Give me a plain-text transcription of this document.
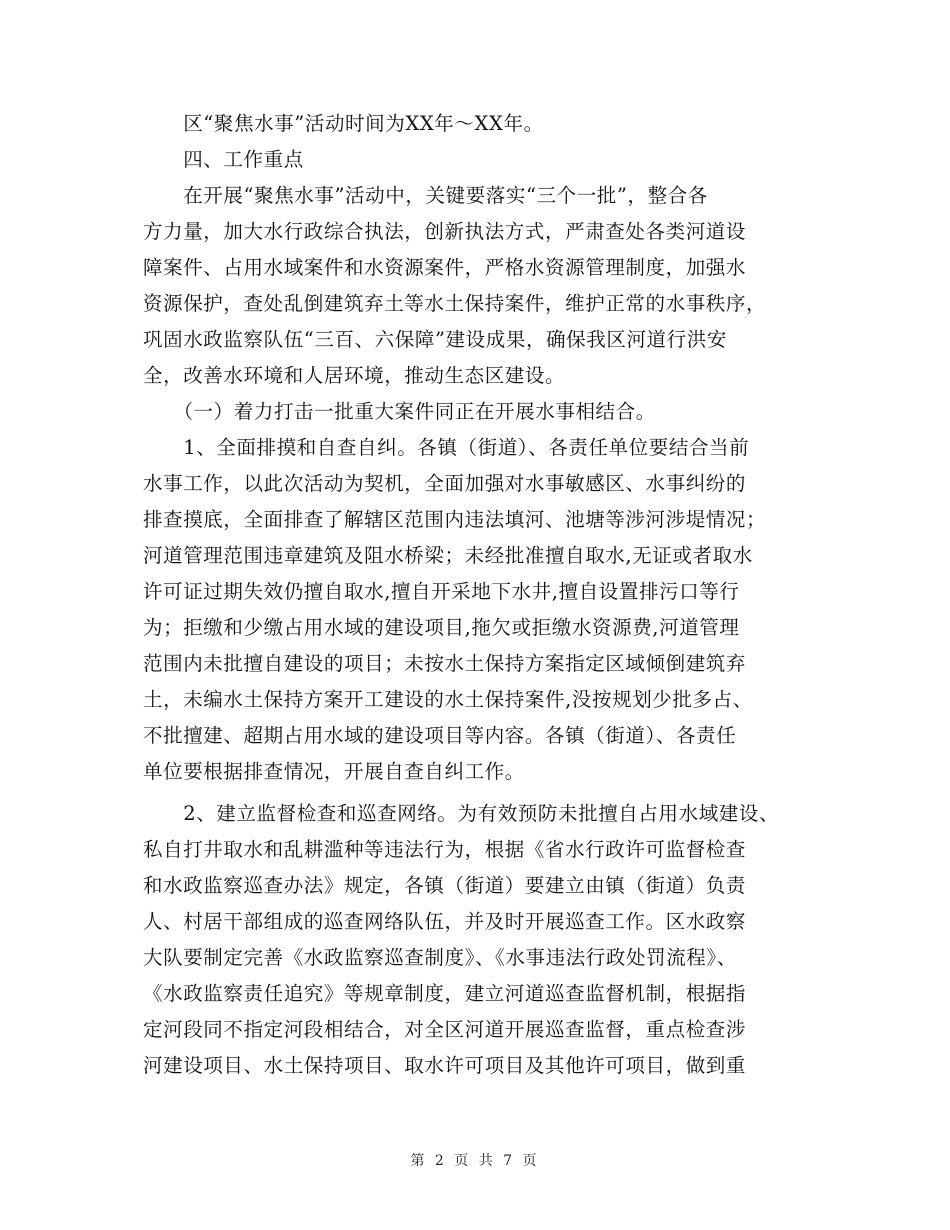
　　区“聚焦水事”活动时间为XX年～XX年。
　　四、工作重点
　　在开展“聚焦水事”活动中，关键要落实“三个一批”，整合各
方力量，加大水行政综合执法，创新执法方式，严肃查处各类河道设
障案件、占用水域案件和水资源案件，严格水资源管理制度，加强水
资源保护，查处乱倒建筑弃土等水土保持案件，维护正常的水事秩序，
巩固水政监察队伍“三百、六保障”建设成果，确保我区河道行洪安
全，改善水环境和人居环境，推动生态区建设。
　　（一）着力打击一批重大案件同正在开展水事相结合。
　　1、全面排摸和自查自纠。各镇（街道）、各责任单位要结合当前
水事工作，以此次活动为契机，全面加强对水事敏感区、水事纠纷的
排查摸底，全面排查了解辖区范围内违法填河、池塘等涉河涉堤情况；
河道管理范围违章建筑及阻水桥梁；未经批准擅自取水,无证或者取水
许可证过期失效仍擅自取水,擅自开采地下水井,擅自设置排污口等行
为；拒缴和少缴占用水域的建设项目,拖欠或拒缴水资源费,河道管理
范围内未批擅自建设的项目；未按水土保持方案指定区域倾倒建筑弃
土，未编水土保持方案开工建设的水土保持案件,没按规划少批多占、
不批擅建、超期占用水域的建设项目等内容。各镇（街道）、各责任
单位要根据排查情况，开展自查自纠工作。
　　2、建立监督检查和巡查网络。为有效预防未批擅自占用水域建设、
私自打井取水和乱耕滥种等违法行为，根据《省水行政许可监督检查
和水政监察巡查办法》规定，各镇（街道）要建立由镇（街道）负责
人、村居干部组成的巡查网络队伍，并及时开展巡查工作。区水政察
大队要制定完善《水政监察巡查制度》、《水事违法行政处罚流程》、
《水政监察责任追究》等规章制度，建立河道巡查监督机制，根据指
定河段同不指定河段相结合，对全区河道开展巡查监督，重点检查涉
河建设项目、水土保持项目、取水许可项目及其他许可项目，做到重
第 2 页 共 7 页
